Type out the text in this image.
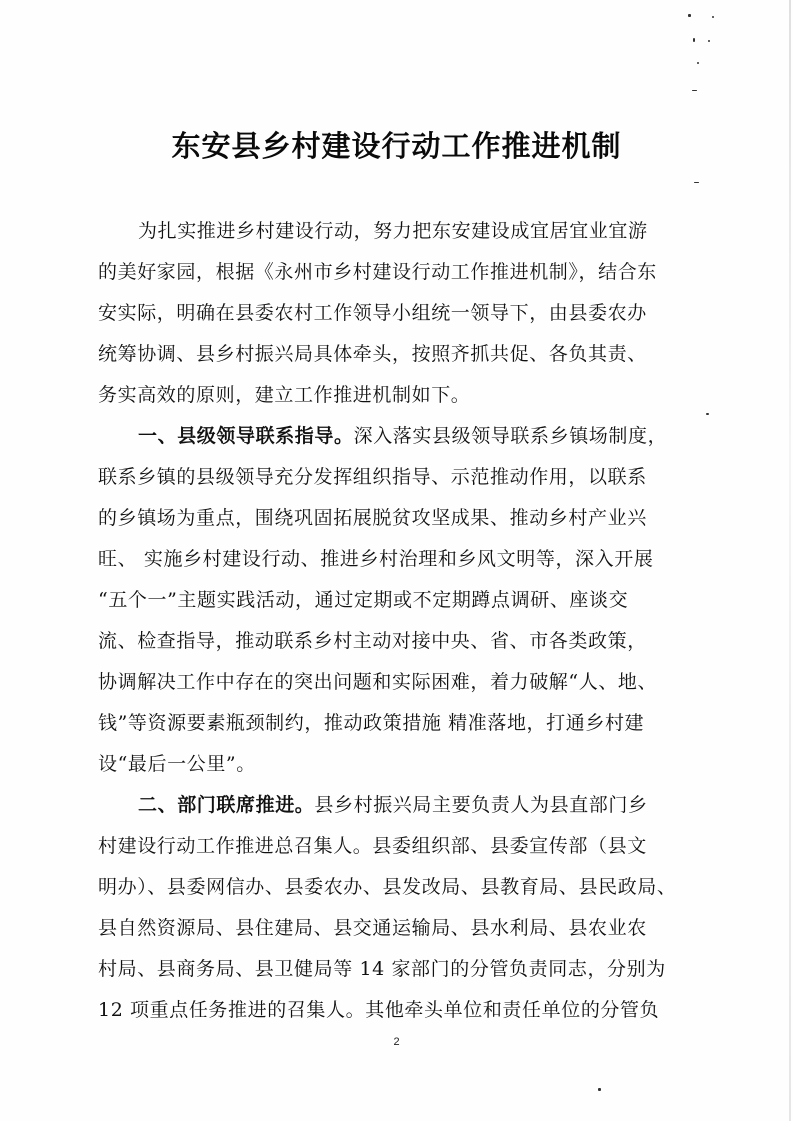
东安县乡村建设行动工作推进机制
为扎实推进乡村建设行动，努力把东安建设成宜居宜业宜游
的美好家园，根据《永州市乡村建设行动工作推进机制》，结合东
安实际，明确在县委农村工作领导小组统一领导下，由县委农办
统筹协调、县乡村振兴局具体牵头，按照齐抓共促、各负其责、
务实高效的原则，建立工作推进机制如下。
一、县级领导联系指导。深入落实县级领导联系乡镇场制度，
联系乡镇的县级领导充分发挥组织指导、示范推动作用，以联系
的乡镇场为重点，围绕巩固拓展脱贫攻坚成果、推动乡村产业兴
旺、 实施乡村建设行动、推进乡村治理和乡风文明等，深入开展
“五个一”主题实践活动，通过定期或不定期蹲点调研、座谈交
流、检查指导，推动联系乡村主动对接中央、省、市各类政策，
协调解决工作中存在的突出问题和实际困难，着力破解“人、地、
钱”等资源要素瓶颈制约，推动政策措施 精准落地，打通乡村建
设“最后一公里”。
二、部门联席推进。县乡村振兴局主要负责人为县直部门乡
村建设行动工作推进总召集人。县委组织部、县委宣传部（县文
明办）、县委网信办、县委农办、县发改局、县教育局、县民政局、
县自然资源局、县住建局、县交通运输局、县水利局、县农业农
村局、县商务局、县卫健局等 14 家部门的分管负责同志，分别为
12 项重点任务推进的召集人。其他牵头单位和责任单位的分管负
2
